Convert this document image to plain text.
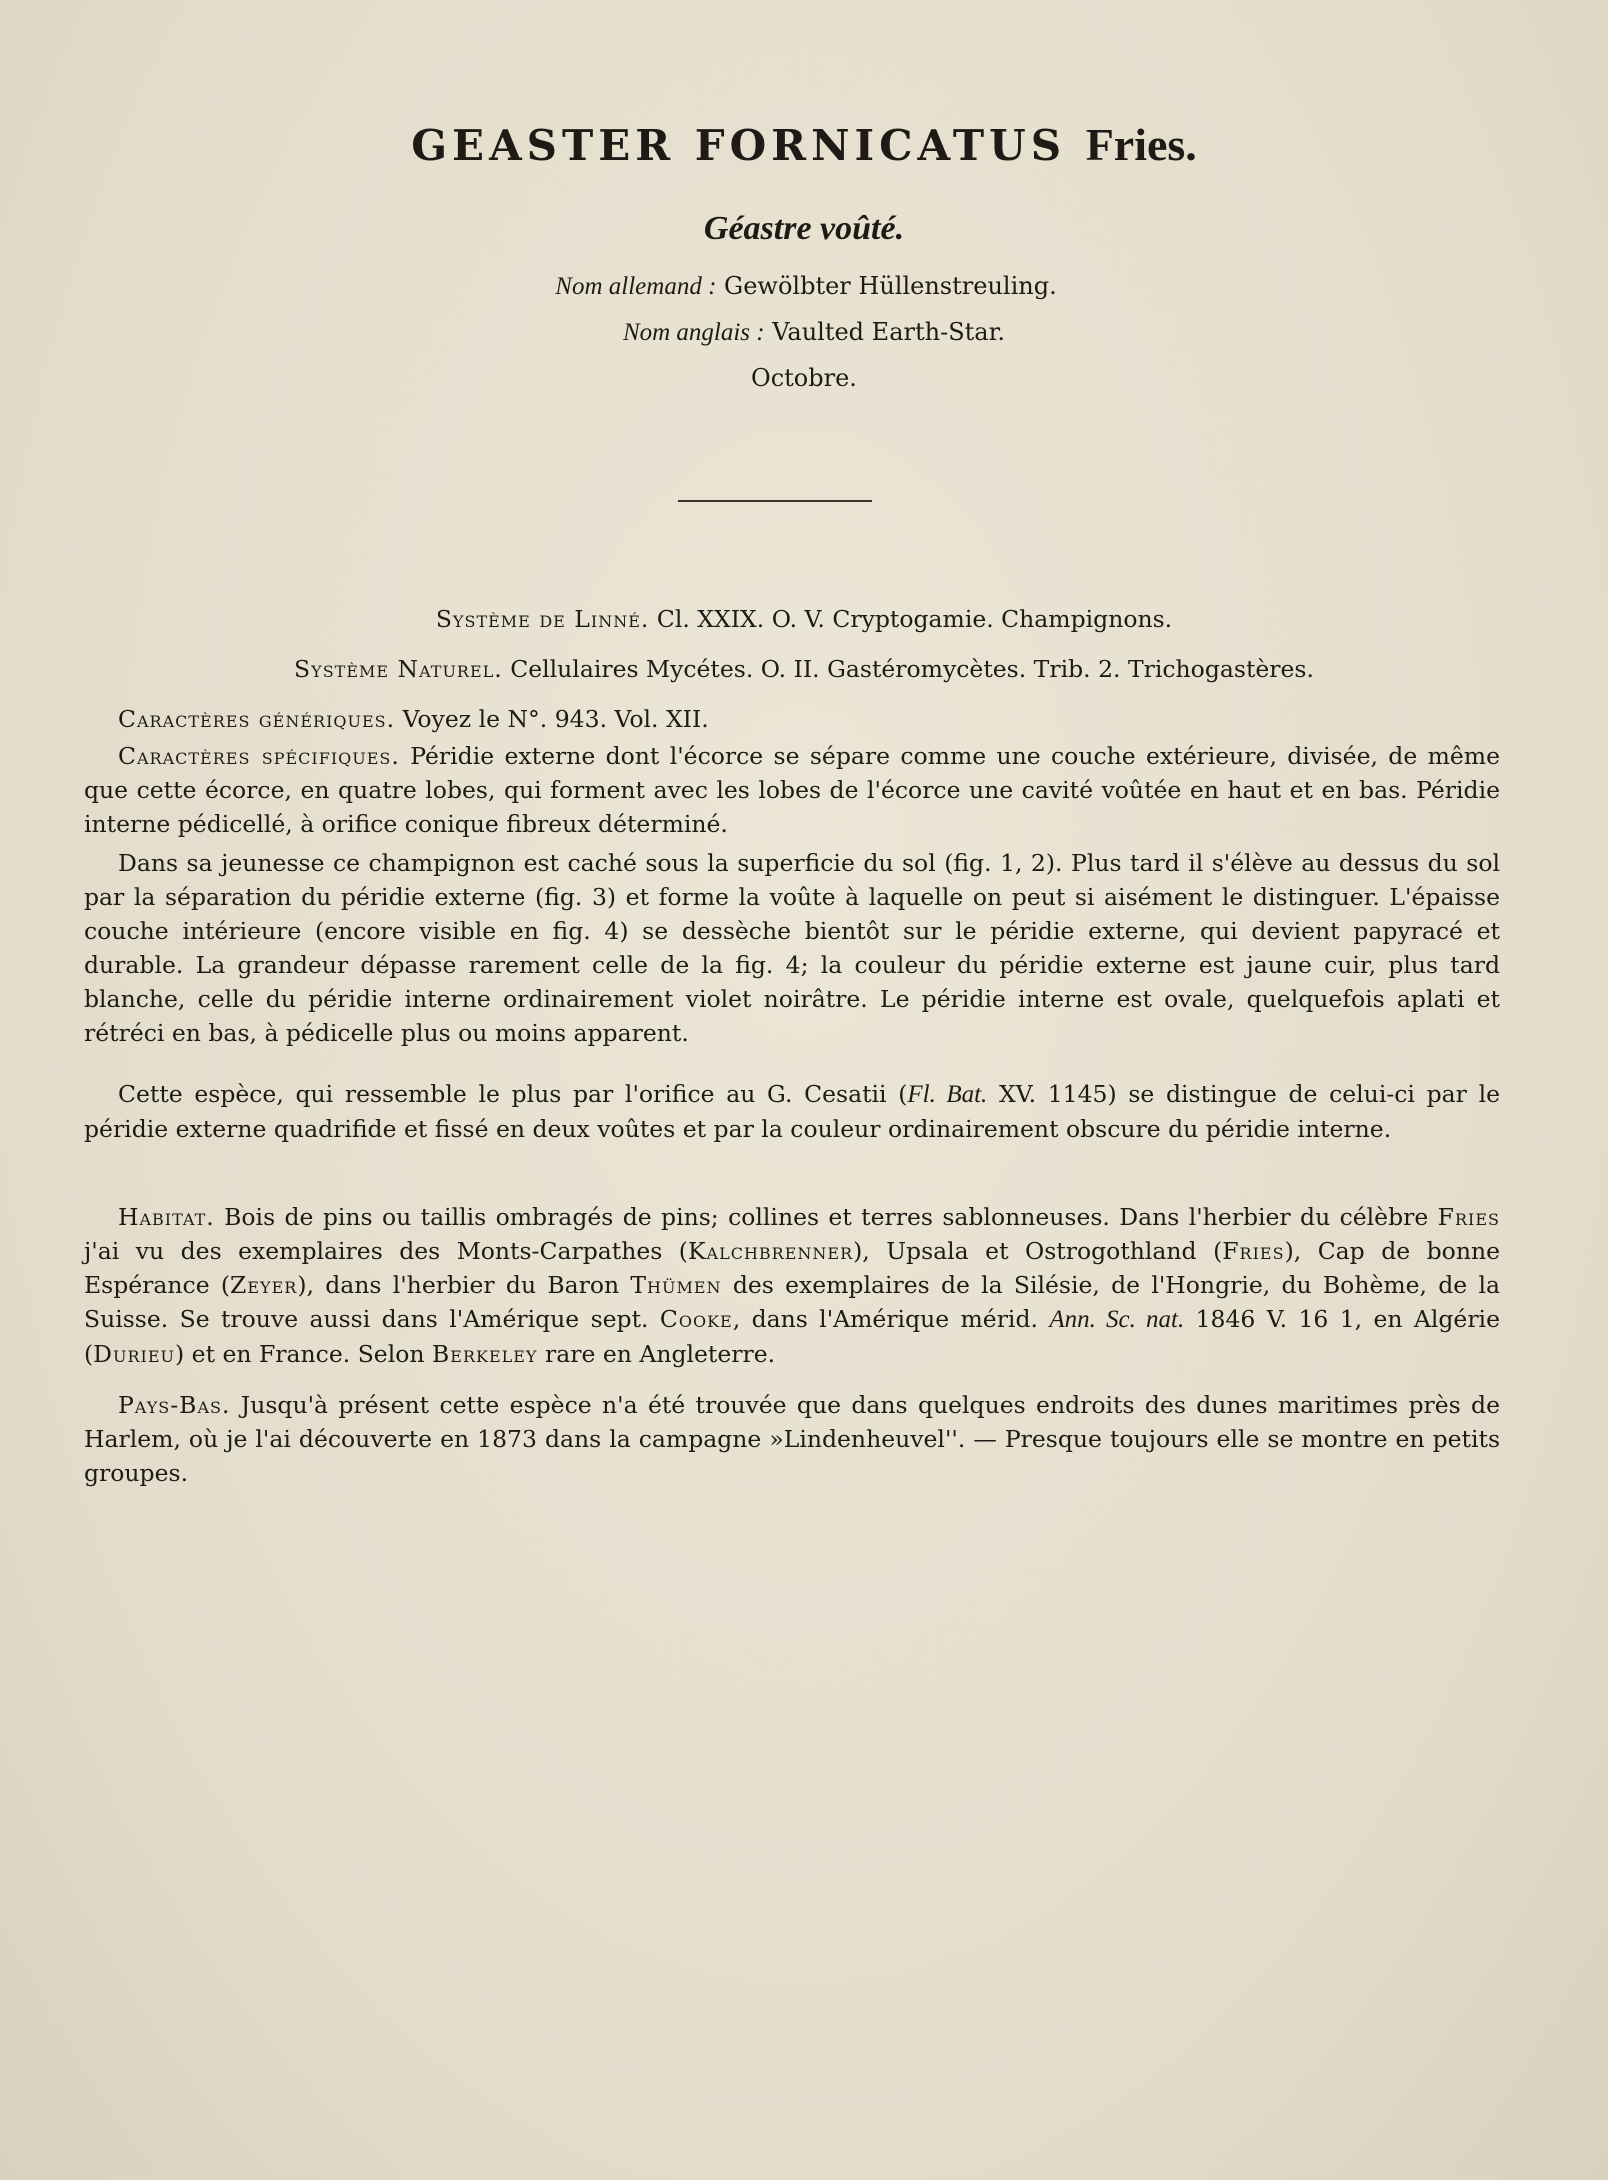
GEASTER FORNICATUS Fries.
Géastre voûté.
Nom allemand : Gewölbter Hüllenstreuling.
Nom anglais : Vaulted Earth-Star.
Octobre.

Système de Linné. Cl. XXIX. O. V. Cryptogamie. Champignons.

Système Naturel. Cellulaires Mycétes. O. II. Gastéromycètes. Trib. 2. Trichogastères.

Caractères génériques. Voyez le N°. 943. Vol. XII.

Caractères spécifiques. Péridie externe dont l'écorce se sépare comme une couche extérieure, divisée, de même que cette écorce, en quatre lobes, qui forment avec les lobes de l'écorce une cavité voûtée en haut et en bas. Péridie interne pédicellé, à orifice conique fibreux déterminé.

Dans sa jeunesse ce champignon est caché sous la superficie du sol (fig. 1, 2). Plus tard il s'élève au dessus du sol par la séparation du péridie externe (fig. 3) et forme la voûte à laquelle on peut si aisément le distinguer. L'épaisse couche intérieure (encore visible en fig. 4) se dessèche bientôt sur le péridie externe, qui devient papyracé et durable. La grandeur dépasse rarement celle de la fig. 4; la couleur du péridie externe est jaune cuir, plus tard blanche, celle du péridie interne ordinairement violet noirâtre. Le péridie interne est ovale, quelquefois aplati et rétréci en bas, à pédicelle plus ou moins apparent.

Cette espèce, qui ressemble le plus par l'orifice au G. Cesatii (Fl. Bat. XV. 1145) se distingue de celui-ci par le péridie externe quadrifide et fissé en deux voûtes et par la couleur ordinairement obscure du péridie interne.

Habitat. Bois de pins ou taillis ombragés de pins; collines et terres sablonneuses. Dans l'herbier du célèbre Fries j'ai vu des exemplaires des Monts-Carpathes (Kalchbrenner), Upsala et Ostrogothland (Fries), Cap de bonne Espérance (Zeyer), dans l'herbier du Baron Thümen des exemplaires de la Silésie, de l'Hongrie, du Bohème, de la Suisse. Se trouve aussi dans l'Amérique sept. Cooke, dans l'Amérique mérid. Ann. Sc. nat. 1846 V. 16 1, en Algérie (Durieu) et en France. Selon Berkeley rare en Angleterre.

Pays-Bas. Jusqu'à présent cette espèce n'a été trouvée que dans quelques endroits des dunes maritimes près de Harlem, où je l'ai découverte en 1873 dans la campagne »Lindenheuvel''. — Presque toujours elle se montre en petits groupes.
